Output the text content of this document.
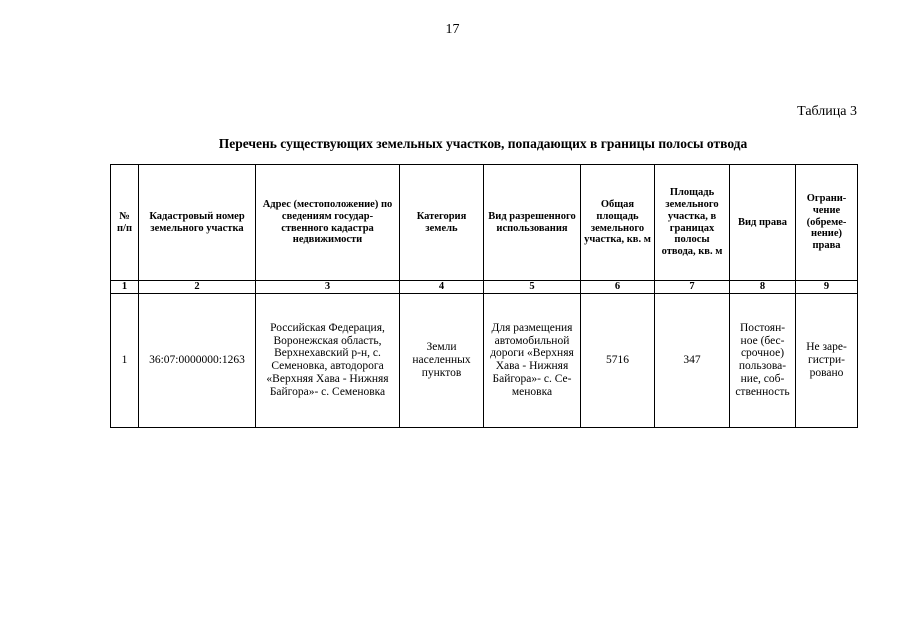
17
Таблица 3
Перечень существующих земельных участков, попадающих в границы полосы отвода
№ п/п	Кадастровый номер земельного участка	Адрес (местоположение) по сведениям государ-ственного кадастра недвижимости	Категория земель	Вид разрешенного использования	Общая площадь земельного участка, кв. м	Площадь земельного участка, в границах полосы отвода, кв. м	Вид права	Ограни-чение (обреме-нение) права
1	2	3	4	5	6	7	8	9
1	36:07:0000000:1263	Российская Федерация, Воронежская область, Верхнехавский р-н, с. Семеновка, автодорога «Верхняя Хава - Нижняя Байгора»- с. Семеновка	Земли населенных пунктов	Для размещения автомобильной дороги «Верхняя Хава - Нижняя Байгора»- с. Се-меновка	5716	347	Постоян-ное (бес-срочное) пользова-ние, соб-ственность	Не заре-гистри-ровано
